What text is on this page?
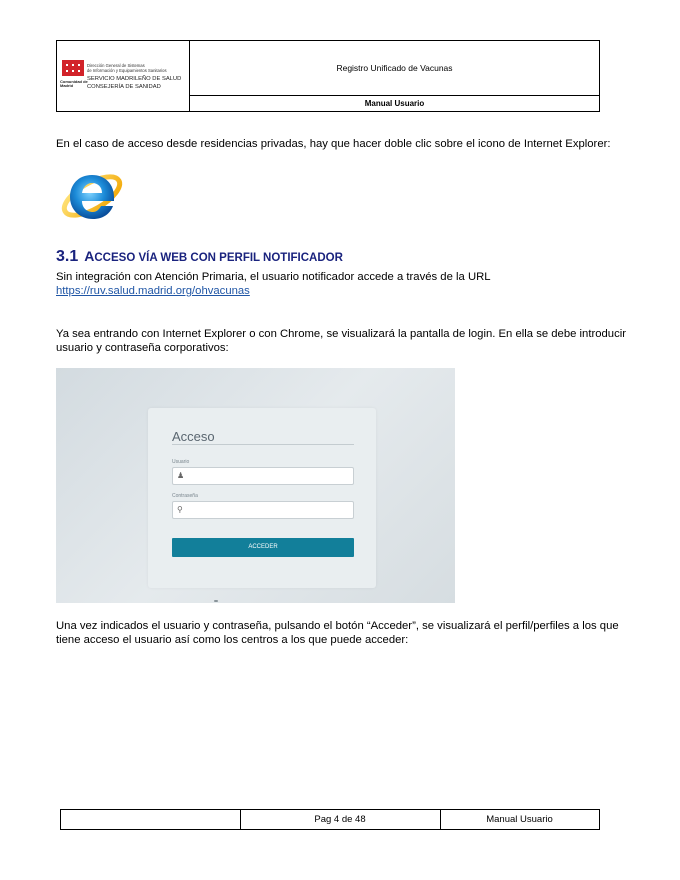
Comunidad de Madrid
Dirección General de Sistemas
de Información y Equipamientos Sanitarios
SERVICIO MADRILEÑO DE SALUD
CONSEJERÍA DE SANIDAD
Registro Unificado de Vacunas
Manual Usuario

En el caso de acceso desde residencias privadas, hay que hacer doble clic sobre el icono de Internet Explorer:

3.1 ACCESO VÍA WEB CON PERFIL NOTIFICADOR

Sin integración con Atención Primaria, el usuario notificador accede a través de la URL
https://ruv.salud.madrid.org/ohvacunas

Ya sea entrando con Internet Explorer o con Chrome, se visualizará la pantalla de login. En ella se debe introducir usuario y contraseña corporativos:

Acceso
Usuario
♟
Contraseña
⚲
ACCEDER

Una vez indicados el usuario y contraseña, pulsando el botón “Acceder”, se visualizará el perfil/perfiles a los que tiene acceso el usuario así como los centros a los que puede acceder:

Pag 4 de 48	Manual Usuario
